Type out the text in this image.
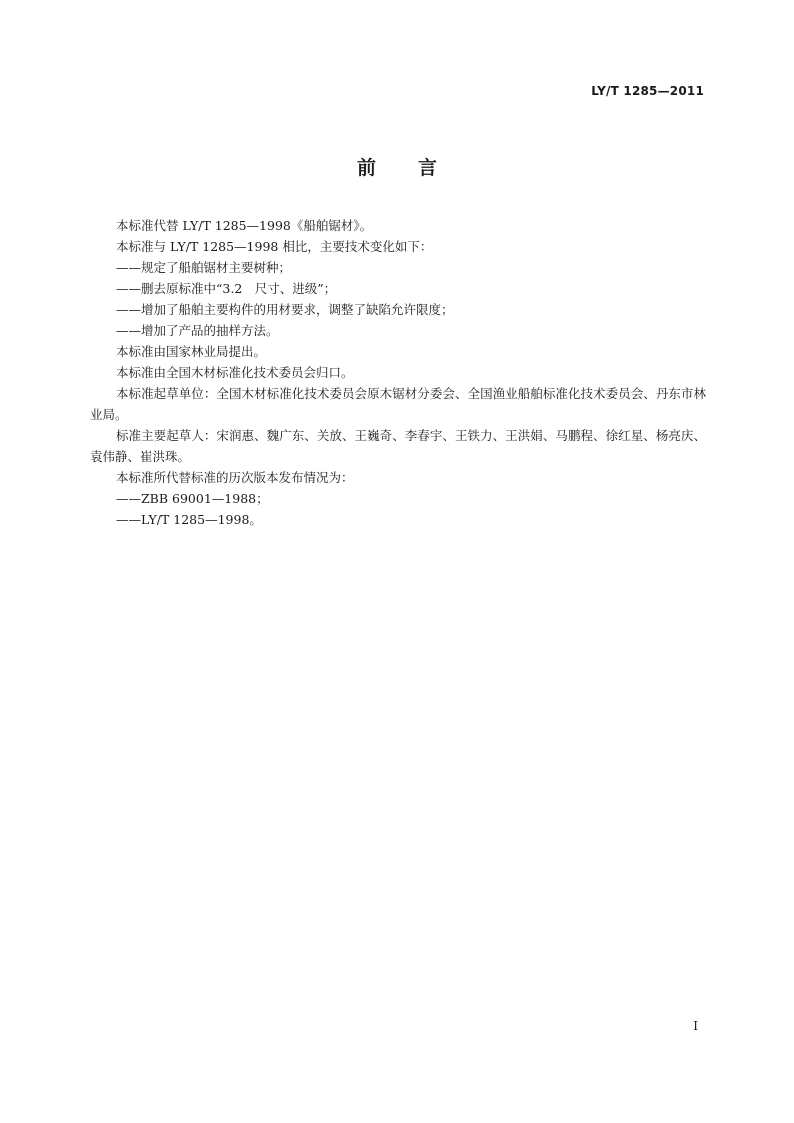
LY/T 1285—2011
前 言

本标准代替 LY/T 1285—1998《船舶锯材》。

本标准与 LY/T 1285—1998 相比，主要技术变化如下：

——规定了船舶锯材主要树种；

——删去原标准中“3.2　尺寸、进级”；

——增加了船舶主要构件的用材要求，调整了缺陷允许限度；

——增加了产品的抽样方法。

本标准由国家林业局提出。

本标准由全国木材标准化技术委员会归口。

本标准起草单位：全国木材标准化技术委员会原木锯材分委会、全国渔业船舶标准化技术委员会、丹东市林业局。

标准主要起草人：宋润惠、魏广东、关放、王巍奇、李春宇、王铁力、王洪娟、马鹏程、徐红星、杨亮庆、袁伟静、崔洪珠。

本标准所代替标准的历次版本发布情况为：

——ZBB 69001—1988；

——LY/T 1285—1998。

I
